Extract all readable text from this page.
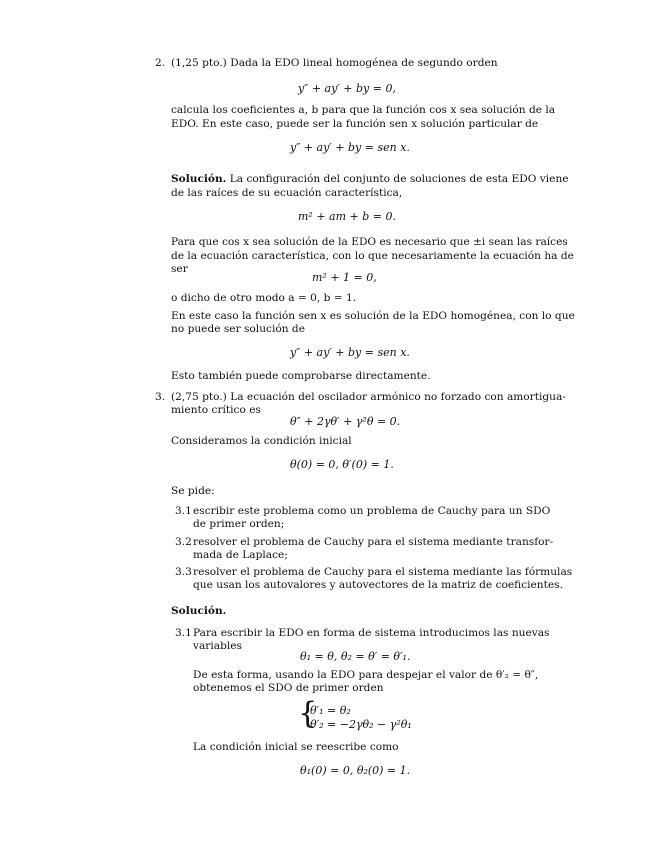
2. (1,25 pto.) Dada la EDO lineal homogénea de segundo orden
y″ + ay′ + by = 0,
calcula los coeficientes a, b para que la función cos x sea solución de la
EDO. En este caso, puede ser la función sen x solución particular de
y″ + ay′ + by = sen x.
Solución. La configuración del conjunto de soluciones de esta EDO viene
de las raíces de su ecuación característica,
m² + am + b = 0.
Para que cos x sea solución de la EDO es necesario que ±i sean las raíces
de la ecuación característica, con lo que necesariamente la ecuación ha de
ser
m² + 1 = 0,
o dicho de otro modo a = 0, b = 1.
En este caso la función sen x es solución de la EDO homogénea, con lo que
no puede ser solución de
y″ + ay′ + by = sen x.
Esto también puede comprobarse directamente.
3. (2,75 pto.) La ecuación del oscilador armónico no forzado con amortigua-
miento crítico es
θ″ + 2γθ′ + γ²θ = 0.
Consideramos la condición inicial
θ(0) = 0, θ′(0) = 1.
Se pide:
3.1 escribir este problema como un problema de Cauchy para un SDO
de primer orden;
3.2 resolver el problema de Cauchy para el sistema mediante transfor-
mada de Laplace;
3.3 resolver el problema de Cauchy para el sistema mediante las fórmulas
que usan los autovalores y autovectores de la matriz de coeficientes.
Solución.
3.1 Para escribir la EDO en forma de sistema introducimos las nuevas
variables
θ₁ = θ, θ₂ = θ′ = θ′₁.
De esta forma, usando la EDO para despejar el valor de θ′₂ = θ″,
obtenemos el SDO de primer orden
{
θ′₁ = θ₂
θ′₂ = −2γθ₂ − γ²θ₁
La condición inicial se reescribe como
θ₁(0) = 0, θ₂(0) = 1.
